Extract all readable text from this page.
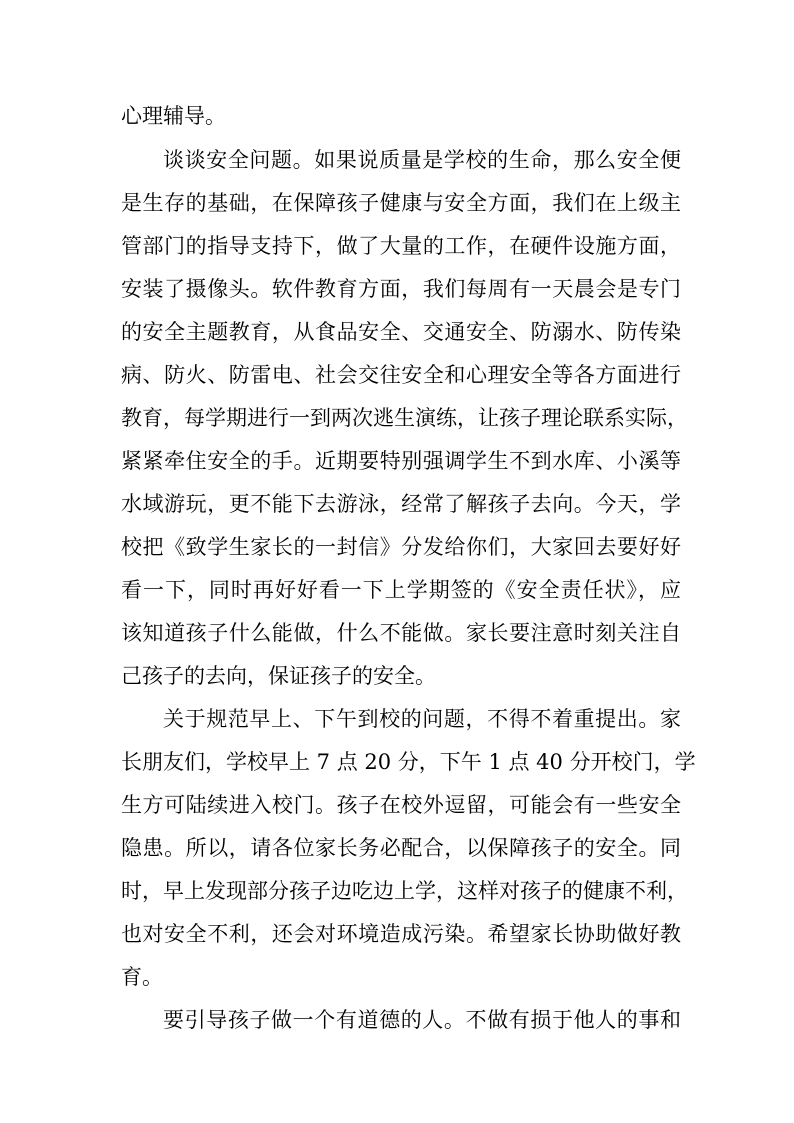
心理辅导。
谈谈安全问题。如果说质量是学校的生命，那么安全便
是生存的基础，在保障孩子健康与安全方面，我们在上级主
管部门的指导支持下，做了大量的工作，在硬件设施方面，
安装了摄像头。软件教育方面，我们每周有一天晨会是专门
的安全主题教育，从食品安全、交通安全、防溺水、防传染
病、防火、防雷电、社会交往安全和心理安全等各方面进行
教育，每学期进行一到两次逃生演练，让孩子理论联系实际，
紧紧牵住安全的手。近期要特别强调学生不到水库、小溪等
水域游玩，更不能下去游泳，经常了解孩子去向。今天，学
校把《致学生家长的一封信》分发给你们，大家回去要好好
看一下，同时再好好看一下上学期签的《安全责任状》，应
该知道孩子什么能做，什么不能做。家长要注意时刻关注自
己孩子的去向，保证孩子的安全。
关于规范早上、下午到校的问题，不得不着重提出。家
长朋友们，学校早上 7 点 20 分，下午 1 点 40 分开校门，学
生方可陆续进入校门。孩子在校外逗留，可能会有一些安全
隐患。所以，请各位家长务必配合，以保障孩子的安全。同
时，早上发现部分孩子边吃边上学，这样对孩子的健康不利，
也对安全不利，还会对环境造成污染。希望家长协助做好教
育。
要引导孩子做一个有道德的人。不做有损于他人的事和
